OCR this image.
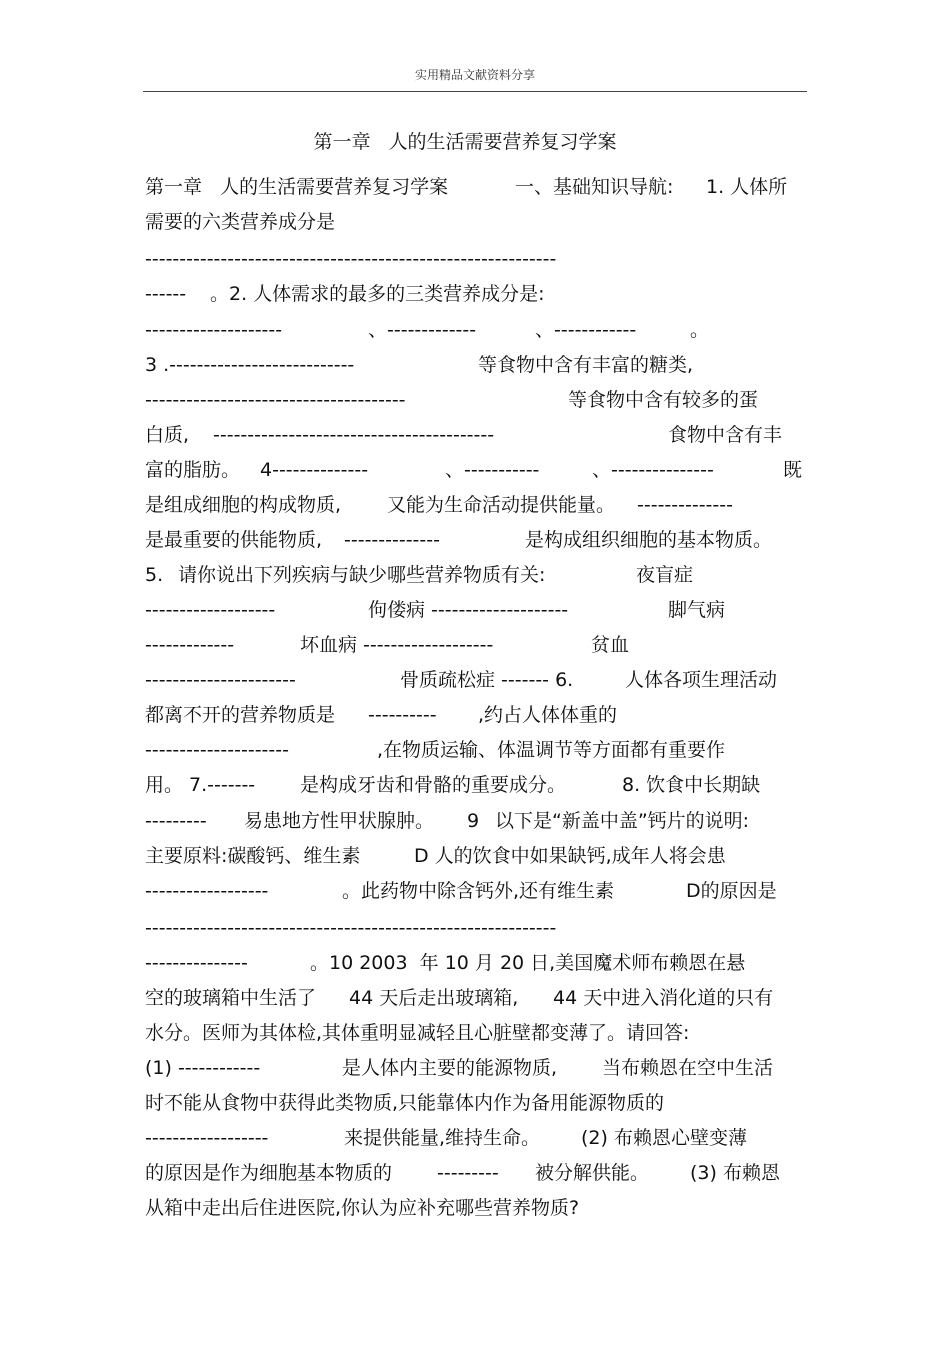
实用精品文献资料分享
第一章   人的生活需要营养复习学案
第一章   人的生活需要营养复习学案	一、基础知识导航: 1. 人体所
需要的六类营养成分是
------------------------------------------------------------
------ 。2. 人体需求的最多的三类营养成分是:
--------------------	、-------------	、------------	。
3 .---------------------------	等食物中含有丰富的糖类,
--------------------------------------	等食物中含有较多的蛋
白质, -----------------------------------------	食物中含有丰
富的脂肪。 4--------------	、-----------	、---------------	既
是组成细胞的构成物质, 又能为生命活动提供能量。 --------------
是最重要的供能物质, --------------	是构成组织细胞的基本物质。
5. 请你说出下列疾病与缺少哪些营养物质有关:	夜盲症
-------------------	佝偻病 --------------------	脚气病
-------------	坏血病 -------------------	贫血
----------------------	骨质疏松症 ------- 6.	人体各项生理活动
都离不开的营养物质是 ---------- ,约占人体体重的
---------------------	,在物质运输、体温调节等方面都有重要作
用。 7.------- 是构成牙齿和骨骼的重要成分。	8. 饮食中长期缺
--------- 易患地方性甲状腺肿。 9 以下是“新盖中盖”钙片的说明:
主要原料:碳酸钙、维生素	D 人的饮食中如果缺钙,成年人将会患
------------------	。此药物中除含钙外,还有维生素	D的原因是
------------------------------------------------------------
---------------	。10 2003  年 10 月 20 日,美国魔术师布赖恩在悬
空的玻璃箱中生活了 44 天后走出玻璃箱, 44 天中进入消化道的只有
水分。医师为其体检,其体重明显减轻且心脏壁都变薄了。请回答:
(1) ------------	是人体内主要的能源物质, 当布赖恩在空中生活
时不能从食物中获得此类物质,只能靠体内作为备用能源物质的
------------------	来提供能量,维持生命。 (2) 布赖恩心壁变薄
的原因是作为细胞基本物质的 --------- 被分解供能。 (3) 布赖恩
从箱中走出后住进医院,你认为应补充哪些营养物质?
